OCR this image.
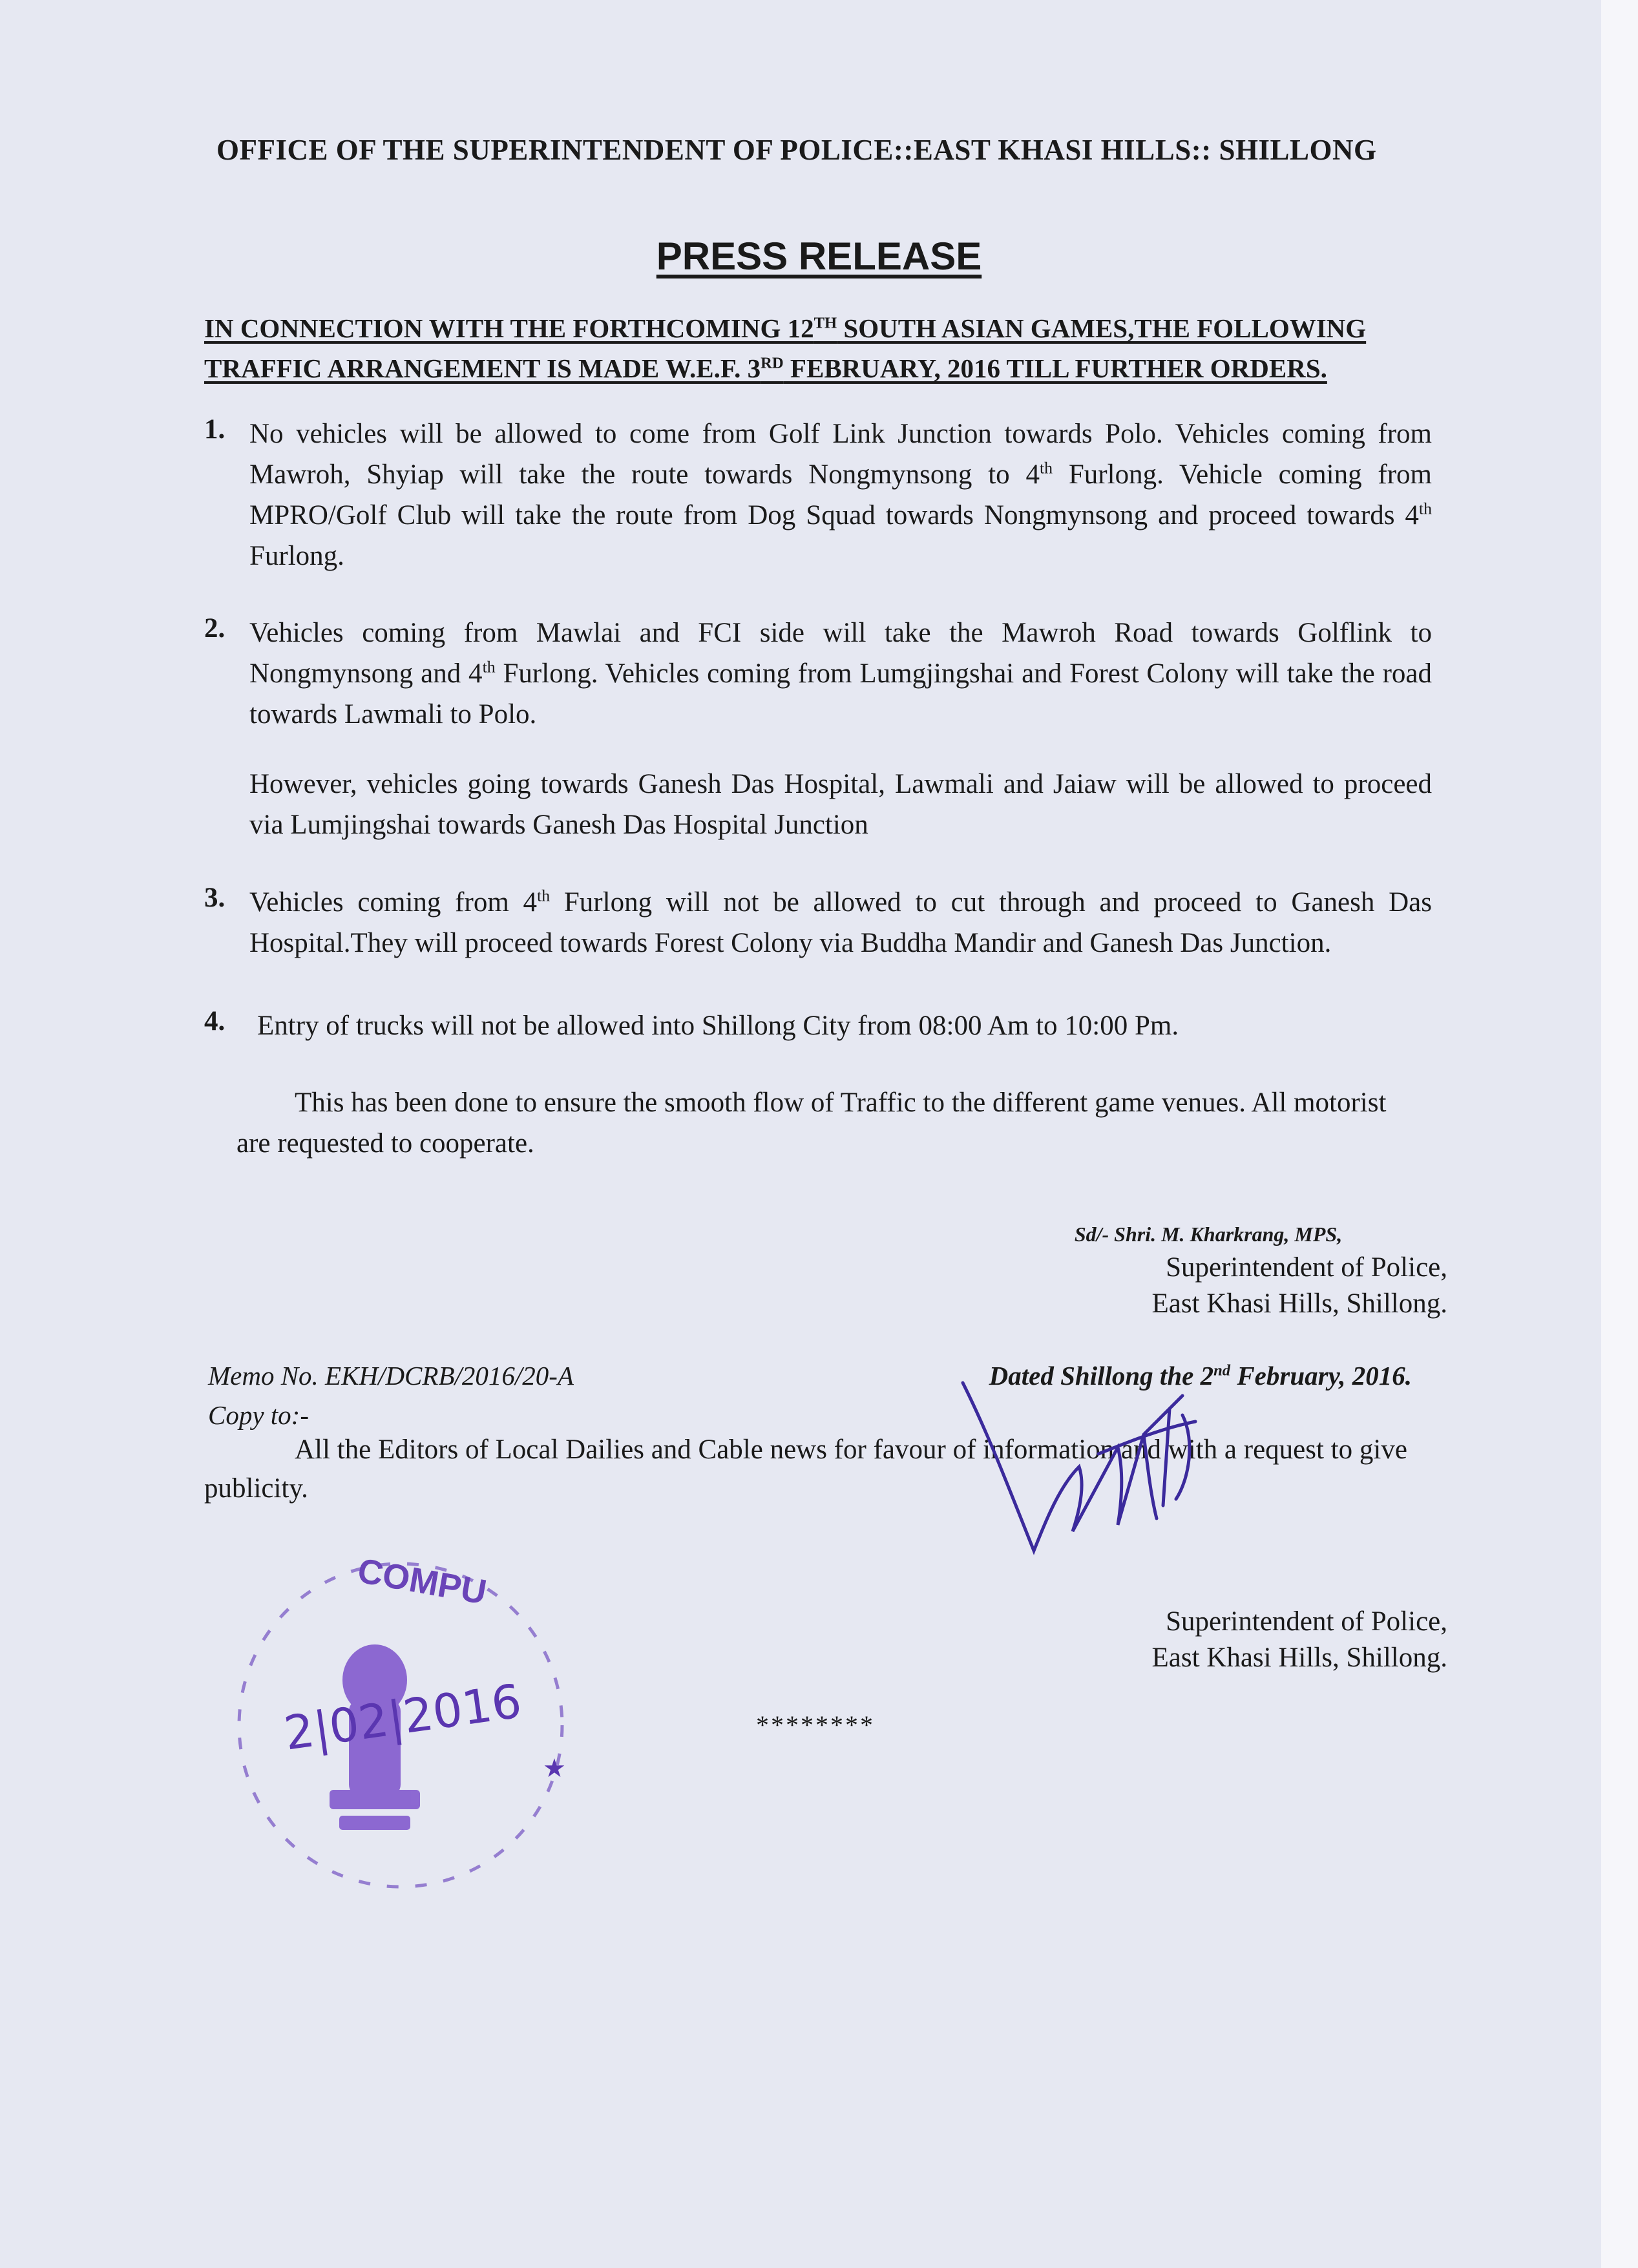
OFFICE OF THE SUPERINTENDENT OF POLICE::EAST KHASI HILLS:: SHILLONG
PRESS RELEASE
IN CONNECTION WITH THE FORTHCOMING 12TH SOUTH ASIAN GAMES,THE FOLLOWING
TRAFFIC ARRANGEMENT IS MADE W.E.F. 3RD FEBRUARY, 2016 TILL FURTHER ORDERS.
1. No vehicles will be allowed to come from Golf Link Junction towards Polo. Vehicles coming from Mawroh, Shyiap will take the route towards Nongmynsong to 4th Furlong. Vehicle coming from MPRO/Golf Club will take the route from Dog Squad towards Nongmynsong and proceed towards 4th Furlong.
2. Vehicles coming from Mawlai and FCI side will take the Mawroh Road towards Golflink to Nongmynsong and 4th Furlong. Vehicles coming from Lumgjingshai and Forest Colony will take the road towards Lawmali to Polo.
However, vehicles going towards Ganesh Das Hospital, Lawmali and Jaiaw will be allowed to proceed via Lumjingshai towards Ganesh Das Hospital Junction
3. Vehicles coming from 4th Furlong will not be allowed to cut through and proceed to Ganesh Das Hospital.They will proceed towards Forest Colony via Buddha Mandir and Ganesh Das Junction.
4. Entry of trucks will not be allowed into Shillong City from 08:00 Am to 10:00 Pm.
This has been done to ensure the smooth flow of Traffic to the different game venues. All motorist are requested to cooperate.
Sd/- Shri. M. Kharkrang, MPS,
Superintendent of Police,
East Khasi Hills, Shillong.
Memo No. EKH/DCRB/2016/20-A	Dated Shillong the 2nd February, 2016.
Copy to:-
All the Editors of Local Dailies and Cable news for favour of information and with a request to give publicity.
Superintendent of Police,
East Khasi Hills, Shillong.
COMPU
2|02|2016
★
********
